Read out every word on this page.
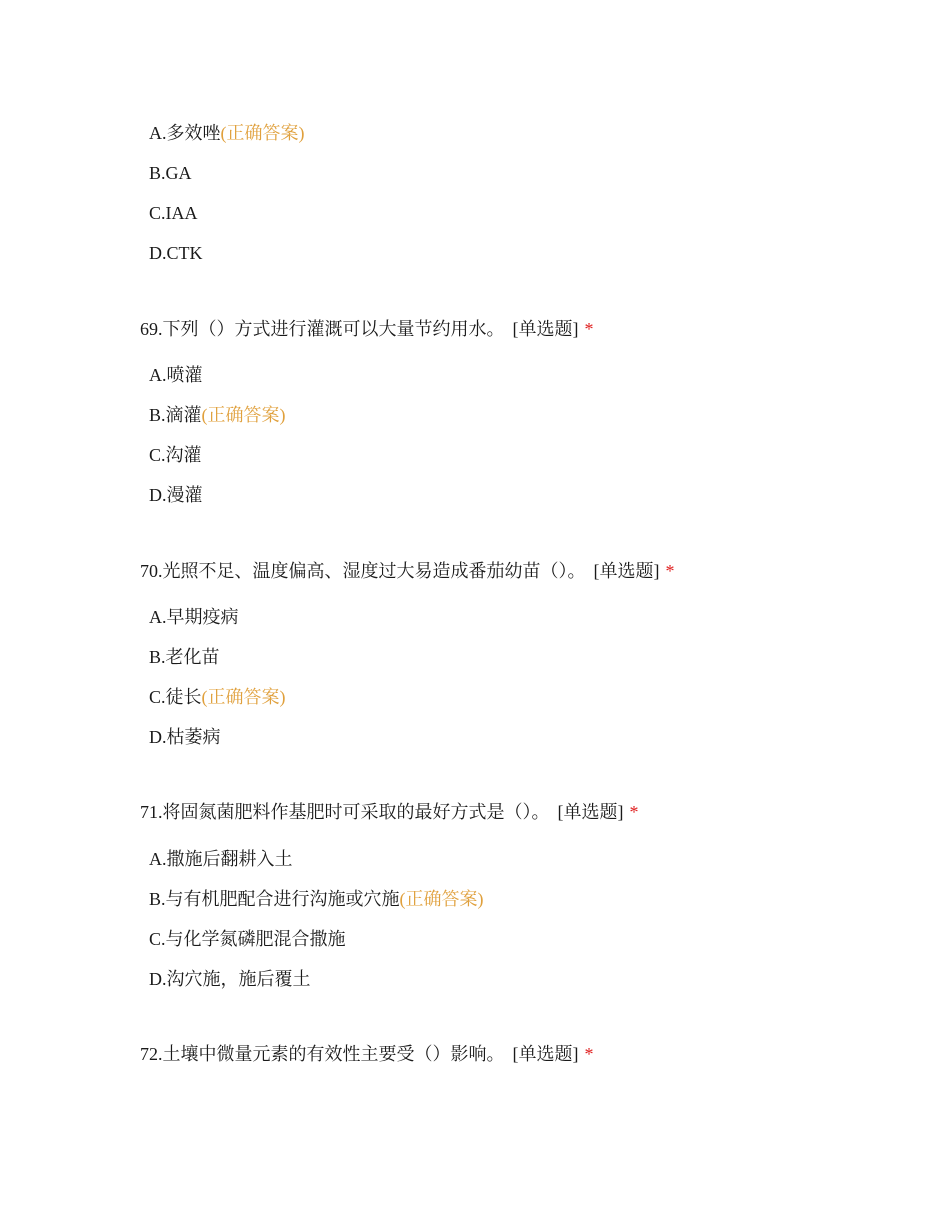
A.多效唑(正确答案)
B.GA
C.IAA
D.CTK
69.下列（）方式进行灌溉可以大量节约用水。 [单选题] *
A.喷灌
B.滴灌(正确答案)
C.沟灌
D.漫灌
70.光照不足、温度偏高、湿度过大易造成番茄幼苗（）。 [单选题] *
A.早期疫病
B.老化苗
C.徒长(正确答案)
D.枯萎病
71.将固氮菌肥料作基肥时可采取的最好方式是（）。 [单选题] *
A.撒施后翻耕入土
B.与有机肥配合进行沟施或穴施(正确答案)
C.与化学氮磷肥混合撒施
D.沟穴施，施后覆土
72.土壤中微量元素的有效性主要受（）影响。 [单选题] *
